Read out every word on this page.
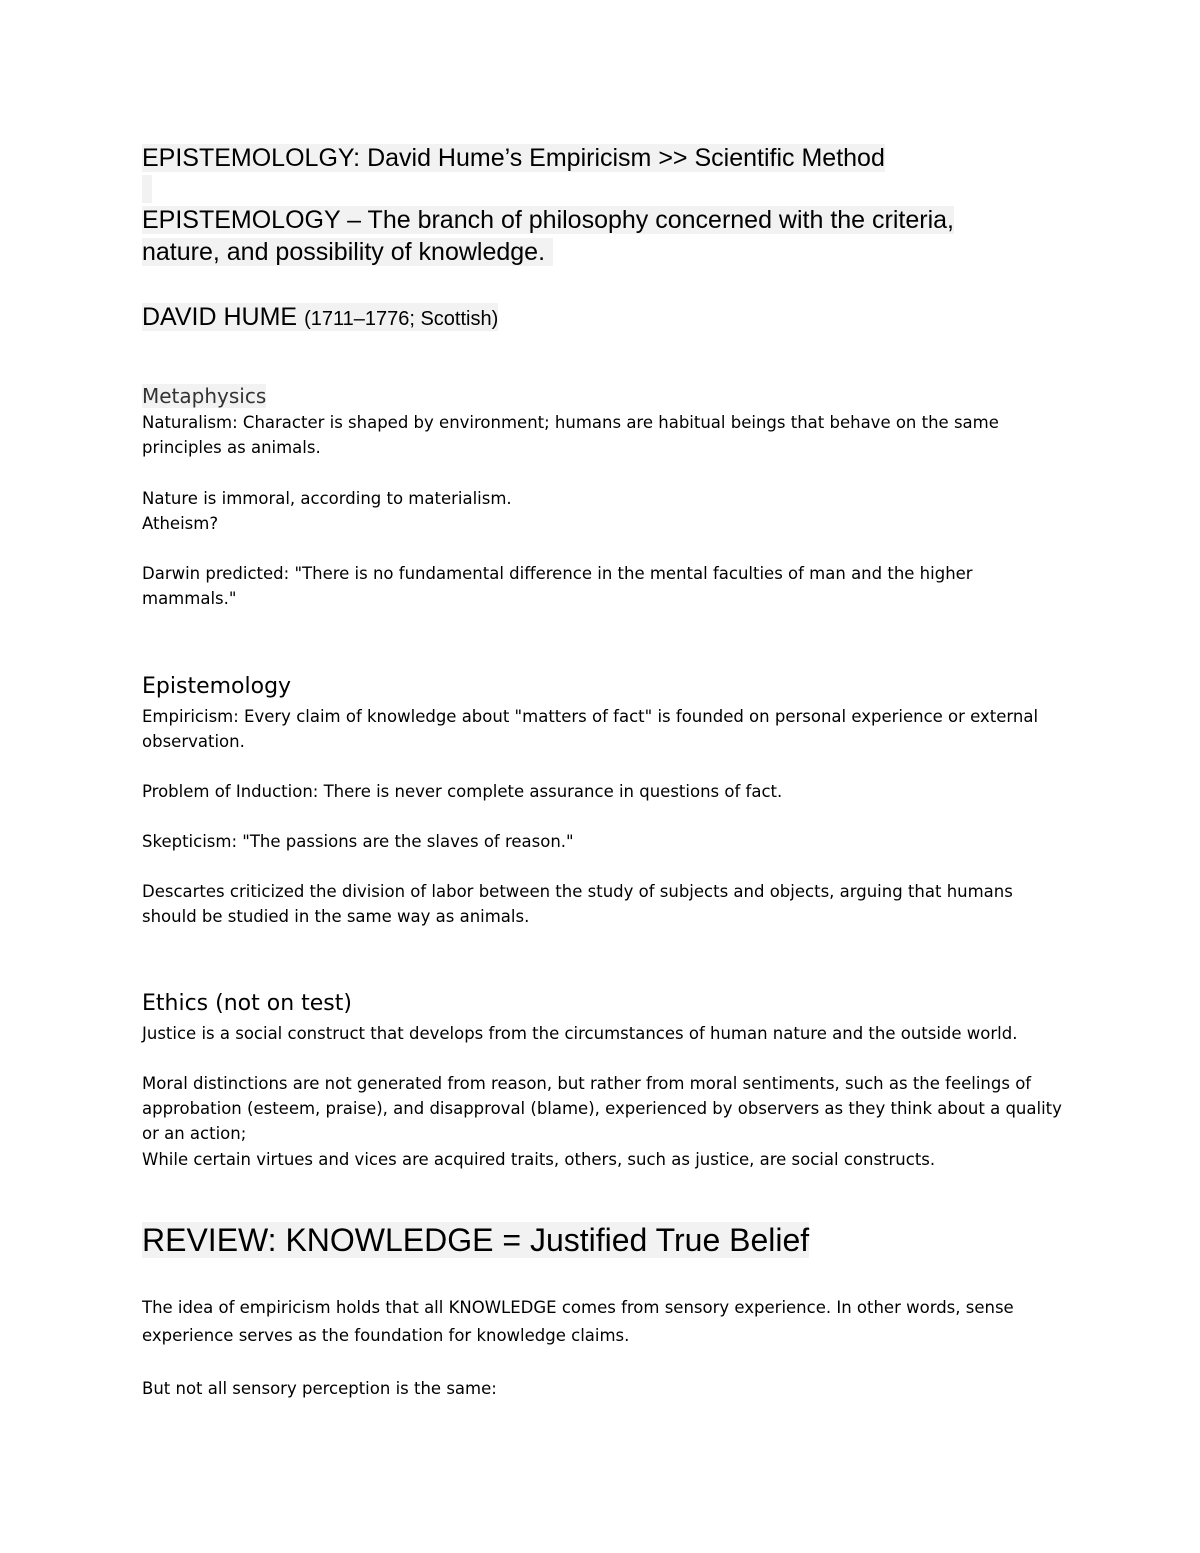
EPISTEMOLOLGY: David Hume’s Empiricism >> Scientific Method
EPISTEMOLOGY – The branch of philosophy concerned with the criteria, nature, and possibility of knowledge.
DAVID HUME (1711–1776; Scottish)
Metaphysics
Naturalism: Character is shaped by environment; humans are habitual beings that behave on the same principles as animals.
Nature is immoral, according to materialism.
Atheism?
Darwin predicted: "There is no fundamental difference in the mental faculties of man and the higher mammals."
Epistemology
Empiricism: Every claim of knowledge about "matters of fact" is founded on personal experience or external observation.
Problem of Induction: There is never complete assurance in questions of fact.
Skepticism: "The passions are the slaves of reason."
Descartes criticized the division of labor between the study of subjects and objects, arguing that humans should be studied in the same way as animals.
Ethics (not on test)
Justice is a social construct that develops from the circumstances of human nature and the outside world.
Moral distinctions are not generated from reason, but rather from moral sentiments, such as the feelings of approbation (esteem, praise), and disapproval (blame), experienced by observers as they think about a quality or an action;
While certain virtues and vices are acquired traits, others, such as justice, are social constructs.
REVIEW: KNOWLEDGE = Justified True Belief
The idea of empiricism holds that all KNOWLEDGE comes from sensory experience. In other words, sense experience serves as the foundation for knowledge claims.
But not all sensory perception is the same:
